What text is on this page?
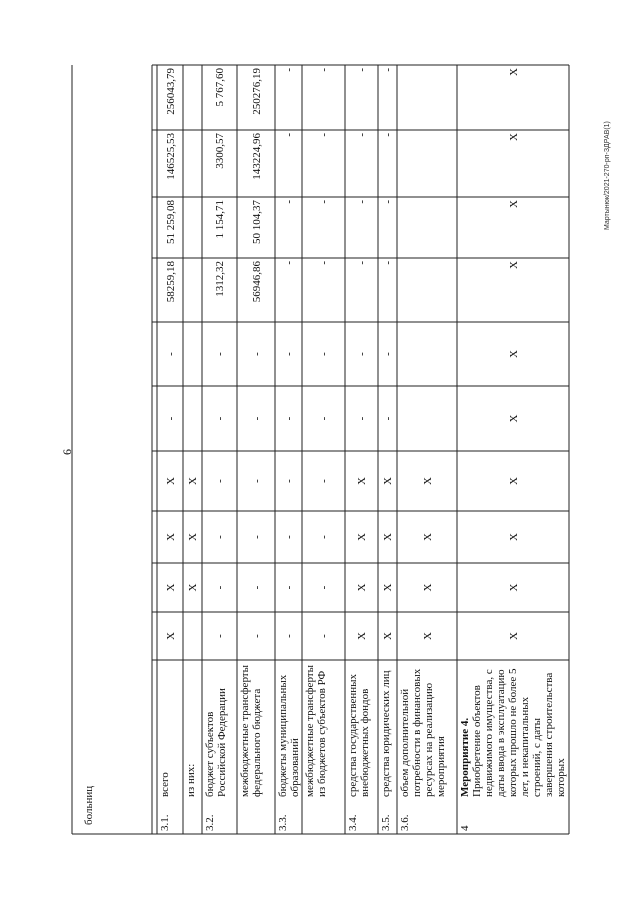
6
Мартынюк/2021-270-рп-ЗДРАВ(1)
больниц	3.1.
всего
Х
Х
Х
Х
-
-
58259,18
51 259,08
146525,53
256043,79
из них:
Х
Х
Х
3.2.
бюджет субъектов Российской Федерации
-
-
-
-
-
-
1312,32
1 154,71
3300,57
5 767,60
межбюджетные трансферты федерального бюджета
-
-
-
-
-
-
56946,86
50 104,37
143224,96
250276,19
3.3.
бюджеты муниципальных образований
-
-
-
-
-
-
-
-
-
-
межбюджетные трансферты из бюджетов субъектов РФ
-
-
-
-
-
-
-
-
-
-
3.4.
средства государственных внебюджетных фондов
Х
Х
Х
Х
-
-
-
-
-
-
3.5.
средства юридических лиц
Х
Х
Х
Х
-
-
-
-
-
-
3.6.
объем дополнительной потребности в финансовых ресурсах на реализацию мероприятия
Х
Х
Х
Х
4
Мероприятие 4. Приобретение объектов недвижимого имущества, с даты ввода в эксплуатацию которых прошло не более 5 лет, и некапитальных строений, с даты завершения строительства которых
Х
Х
Х
Х
Х
Х
Х
Х
Х
Х
